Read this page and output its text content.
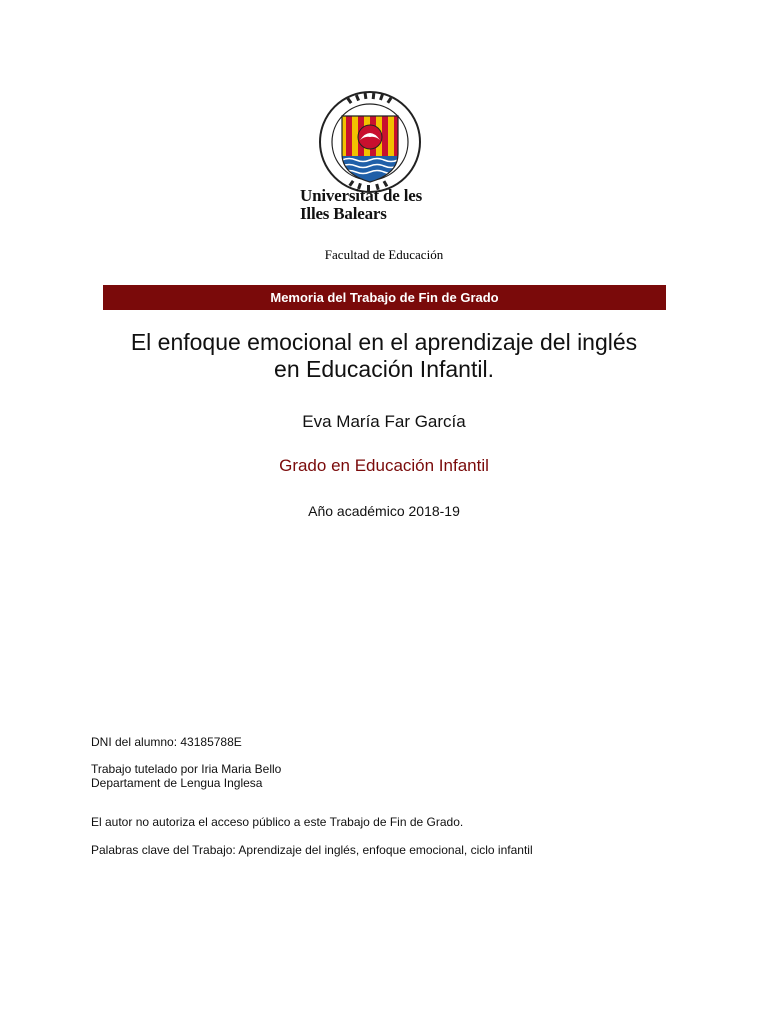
Universitat de les
Illes Balears
Facultad de Educación
Memoria del Trabajo de Fin de Grado
El enfoque emocional en el aprendizaje del inglés
en Educación Infantil.
Eva María Far García
Grado en Educación Infantil
Año académico 2018-19
DNI del alumno: 43185788E
Trabajo tutelado por Iria Maria Bello
Departament de Lengua Inglesa
El autor no autoriza el acceso público a este Trabajo de Fin de Grado.
Palabras clave del Trabajo: Aprendizaje del inglés, enfoque emocional, ciclo infantil
